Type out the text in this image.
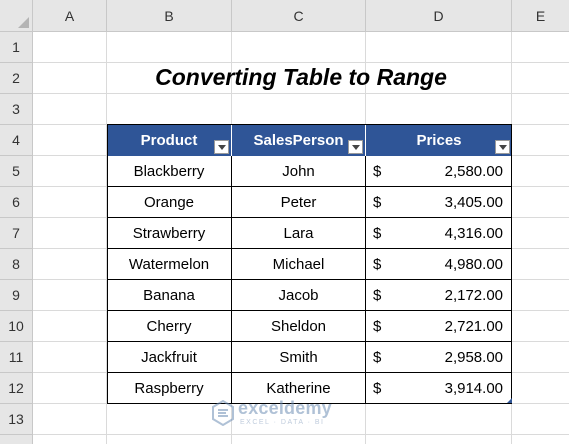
A	B	C	D	E
1
2
3
4
5
6
7
8
9
10
11
12
13
Converting Table to Range
Product	SalesPerson	Prices
Blackberry	John	$	2,580.00
Orange	Peter	$	3,405.00
Strawberry	Lara	$	4,316.00
Watermelon	Michael	$	4,980.00
Banana	Jacob	$	2,172.00
Cherry	Sheldon	$	2,721.00
Jackfruit	Smith	$	2,958.00
Raspberry	Katherine	$	3,914.00
exceldemy
EXCEL · DATA · BI
